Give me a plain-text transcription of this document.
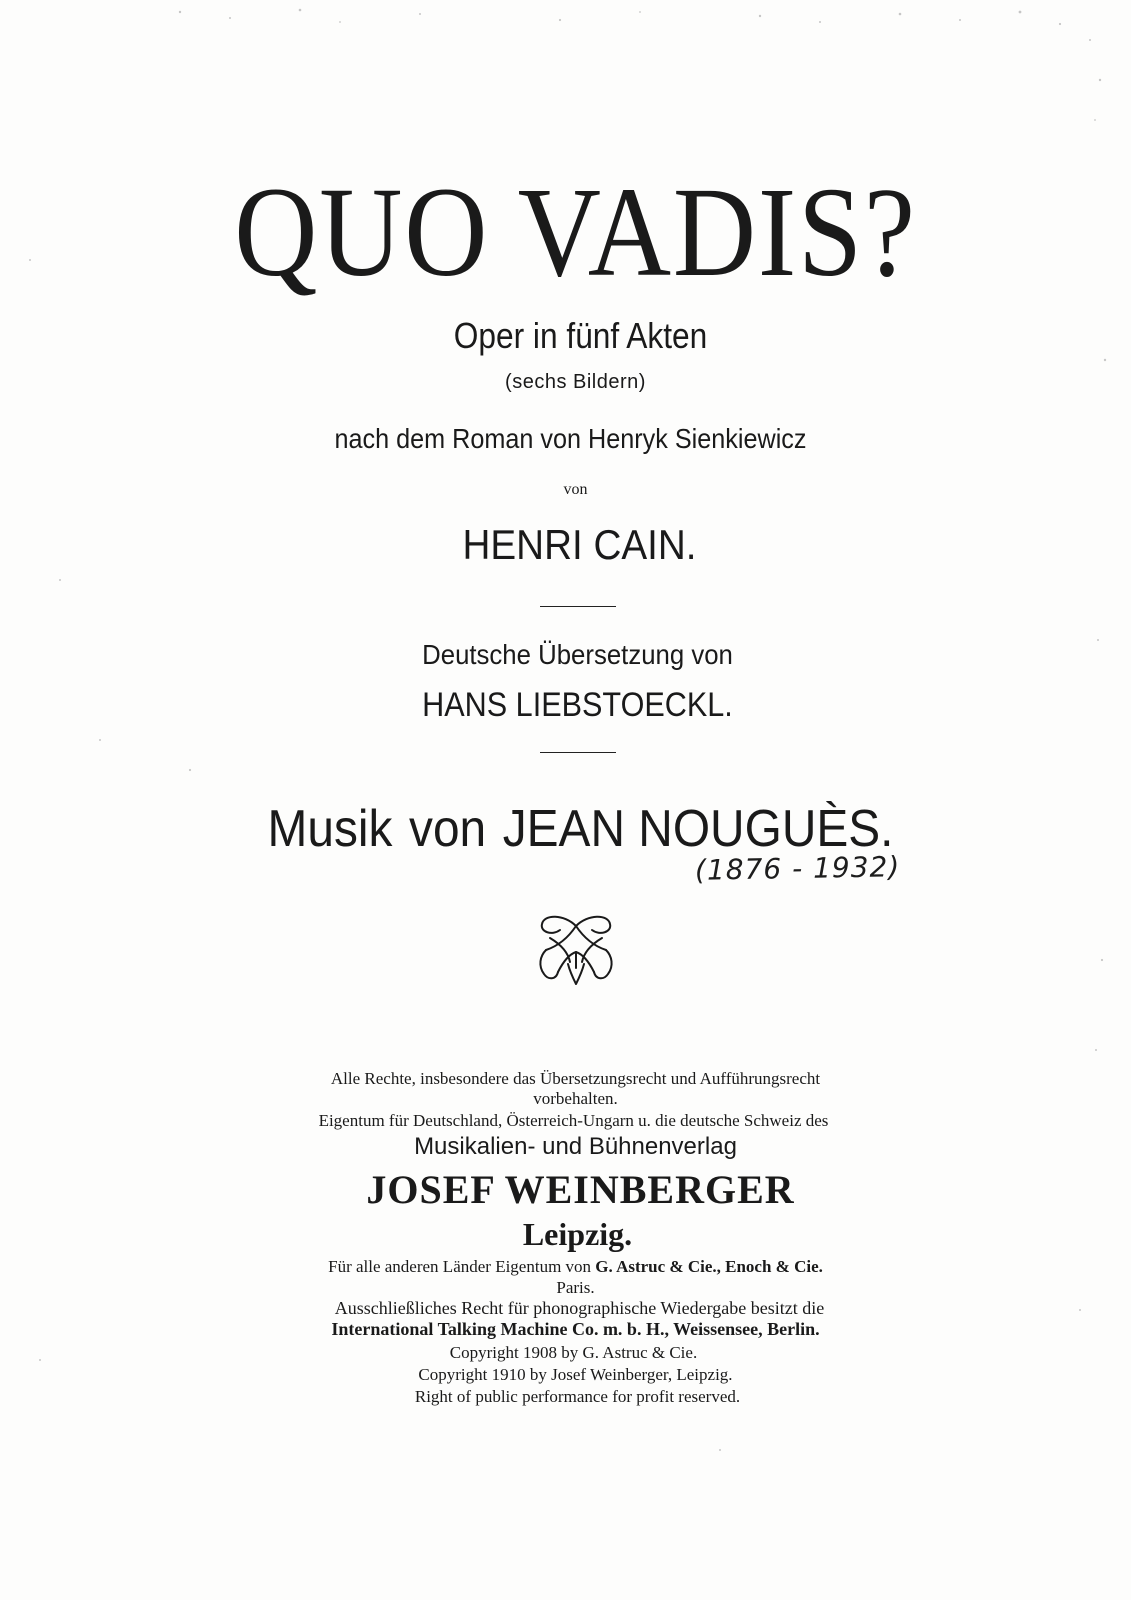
QUO VADIS?
Oper in fünf Akten
(sechs Bildern)
nach dem Roman von Henryk Sienkiewicz
von
HENRI CAIN.
Deutsche Übersetzung von
HANS LIEBSTOECKL.
Musik von JEAN NOUGUÈS.
(1876 - 1932)
Alle Rechte, insbesondere das Übersetzungsrecht und Aufführungsrecht
vorbehalten.
Eigentum für Deutschland, Österreich-Ungarn u. die deutsche Schweiz des
Musikalien- und Bühnenverlag
JOSEF WEINBERGER
Leipzig.
Für alle anderen Länder Eigentum von G. Astruc & Cie., Enoch & Cie.
Paris.
Ausschließliches Recht für phonographische Wiedergabe besitzt die
International Talking Machine Co. m. b. H., Weissensee, Berlin.
Copyright 1908 by G. Astruc & Cie.
Copyright 1910 by Josef Weinberger, Leipzig.
Right of public performance for profit reserved.
